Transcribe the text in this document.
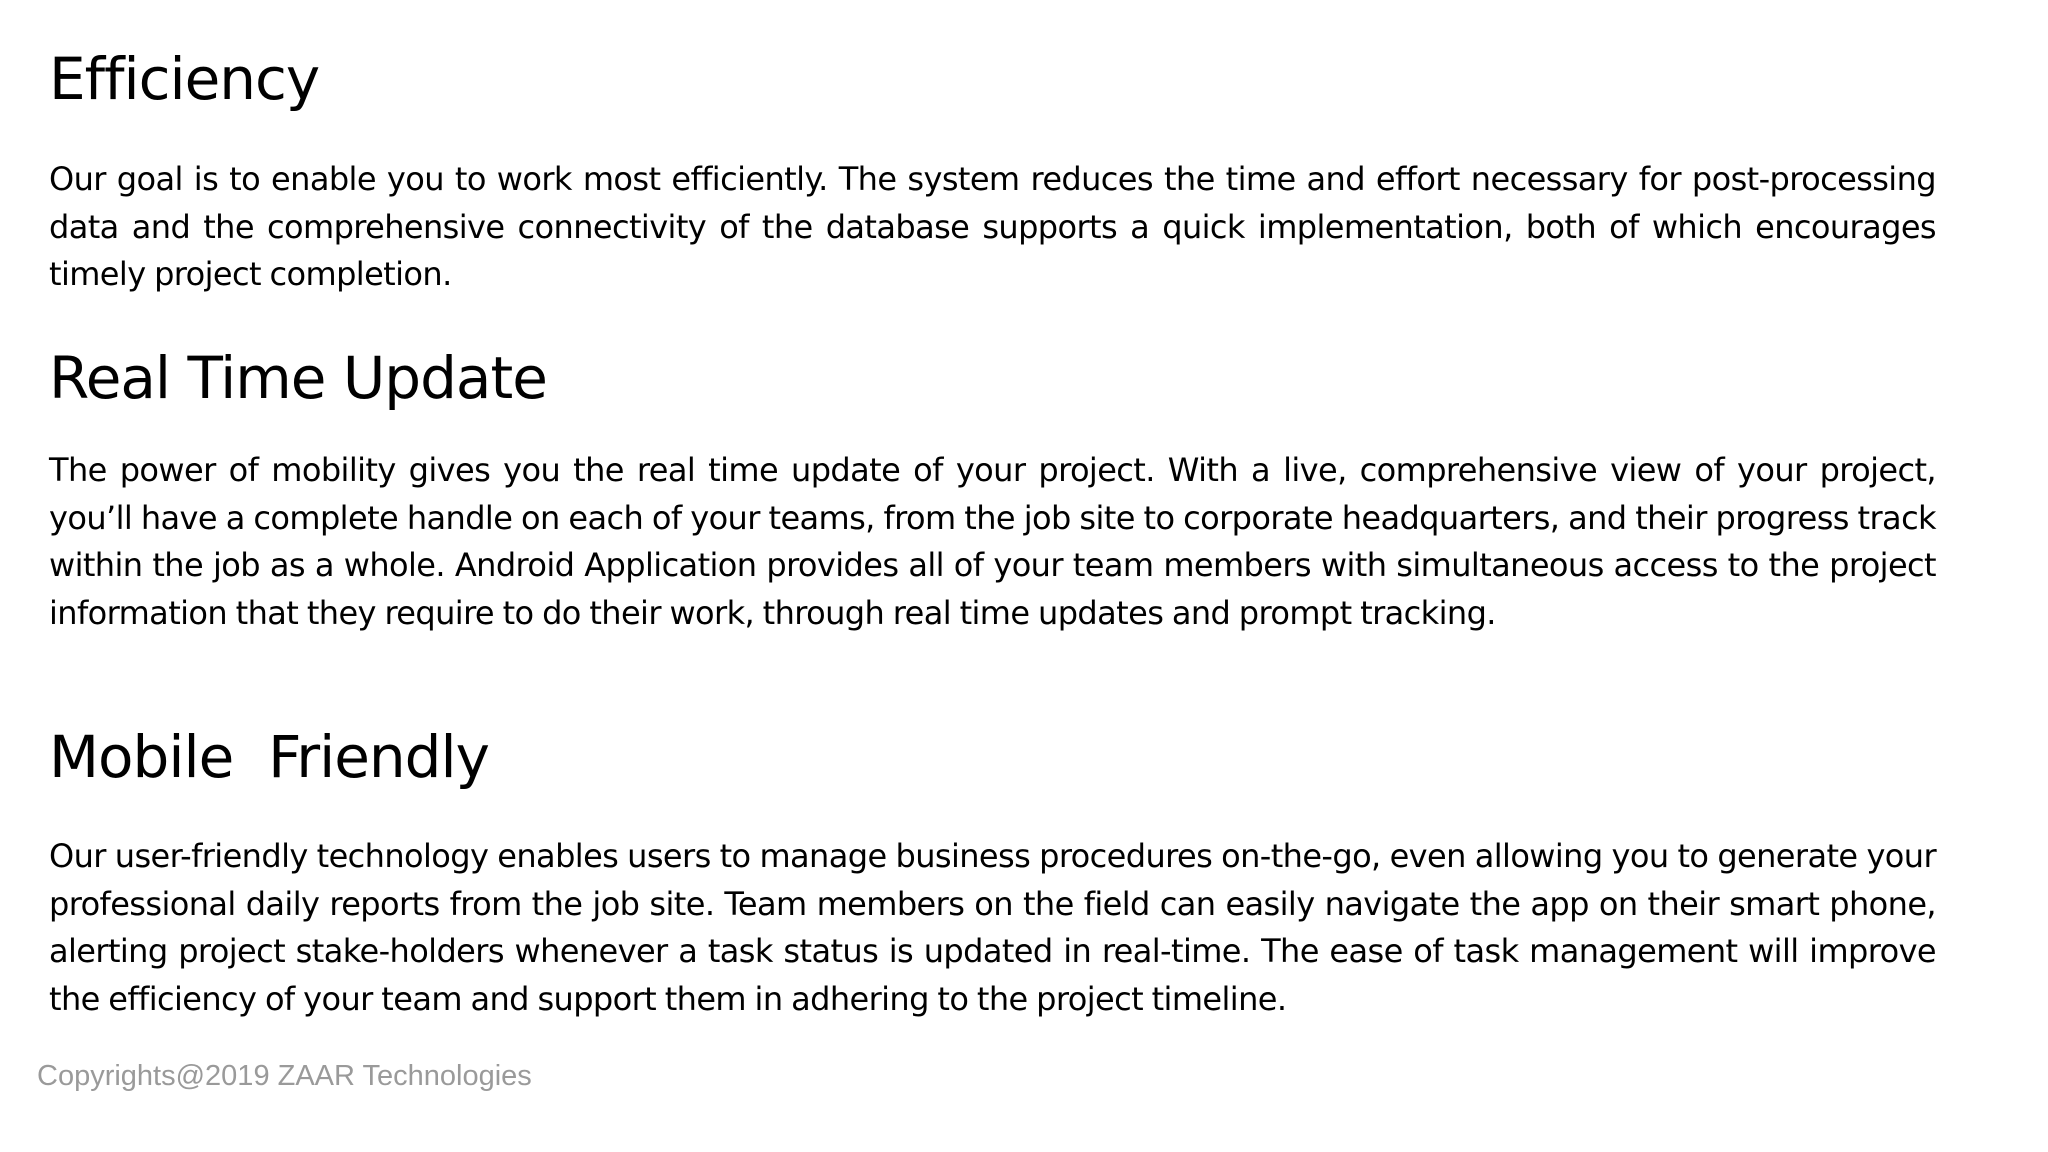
Efficiency

Our goal is to enable you to work most efficiently. The system reduces the time and effort necessary for post-processing data and the comprehensive connectivity of the database supports a quick implementation, both of which encourages timely project completion.

Real Time Update

The power of mobility gives you the real time update of your project. With a live, comprehensive view of your project, you’ll have a complete handle on each of your teams, from the job site to corporate headquarters, and their progress track within the job as a whole. Android Application provides all of your team members with simultaneous access to the project information that they require to do their work, through real time updates and prompt tracking.

Mobile  Friendly

Our user-friendly technology enables users to manage business procedures on-the-go, even allowing you to generate your professional daily reports from the job site. Team members on the field can easily navigate the app on their smart phone, alerting project stake-holders whenever a task status is updated in real-time. The ease of task management will improve the efficiency of your team and support them in adhering to the project timeline.

Copyrights@2019 ZAAR Technologies
